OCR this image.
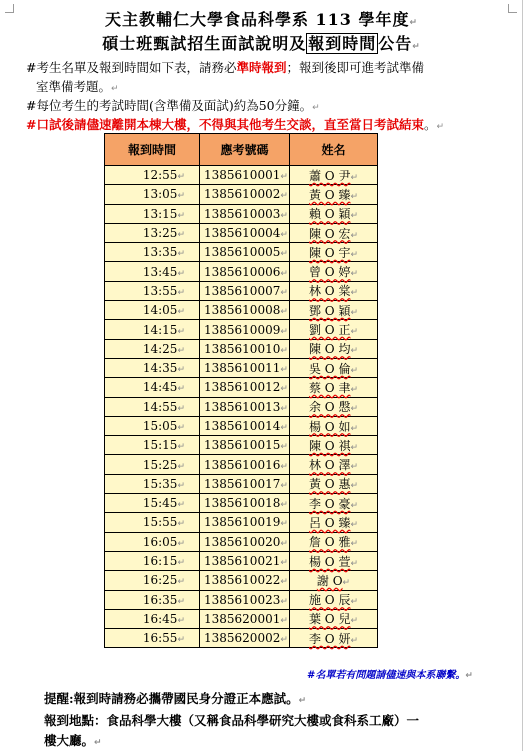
天主教輔仁大學食品科學系 113 學年度↵
碩士班甄試招生面試說明及 報到時間 公告↵
#考生名單及報到時間如下表，請務必準時報到；報到後即可進考試準備
室準備考題。↵
#每位考生的考試時間(含準備及面試)約為50分鐘。↵
#口試後請儘速離開本棟大樓，不得與其他考生交談，直至當日考試結束。↵
報到時間	應考號碼	姓名
12:55↵	1385610001↵	蕭 O 尹↵
13:05↵	1385610002↵	黃 O 臻↵
13:15↵	1385610003↵	賴 O 穎↵
13:25↵	1385610004↵	陳 O 宏↵
13:35↵	1385610005↵	陳 O 宇↵
13:45↵	1385610006↵	曾 O 婷↵
13:55↵	1385610007↵	林 O 棠↵
14:05↵	1385610008↵	鄧 O 穎↵
14:15↵	1385610009↵	劉 O 正↵
14:25↵	1385610010↵	陳 O 均↵
14:35↵	1385610011↵	吳 O 倫↵
14:45↵	1385610012↵	蔡 O 聿↵
14:55↵	1385610013↵	余 O 慇↵
15:05↵	1385610014↵	楊 O 如↵
15:15↵	1385610015↵	陳 O 祺↵
15:25↵	1385610016↵	林 O 澤↵
15:35↵	1385610017↵	黃 O 惠↵
15:45↵	1385610018↵	李 O 豪↵
15:55↵	1385610019↵	呂 O 臻↵
16:05↵	1385610020↵	詹 O 雅↵
16:15↵	1385610021↵	楊 O 萱↵
16:25↵	1385610022↵	謝 O↵
16:35↵	1385610023↵	施 O 辰↵
16:45↵	1385620001↵	葉 O 兒↵
16:55↵	1385620002↵	李 O 妍↵
#名單若有問題請儘速與本系聯繫。↵
提醒:報到時請務必攜帶國民身分證正本應試。↵
報到地點：食品科學大樓（又稱食品科學研究大樓或食科系工廠）一
樓大廳。↵
